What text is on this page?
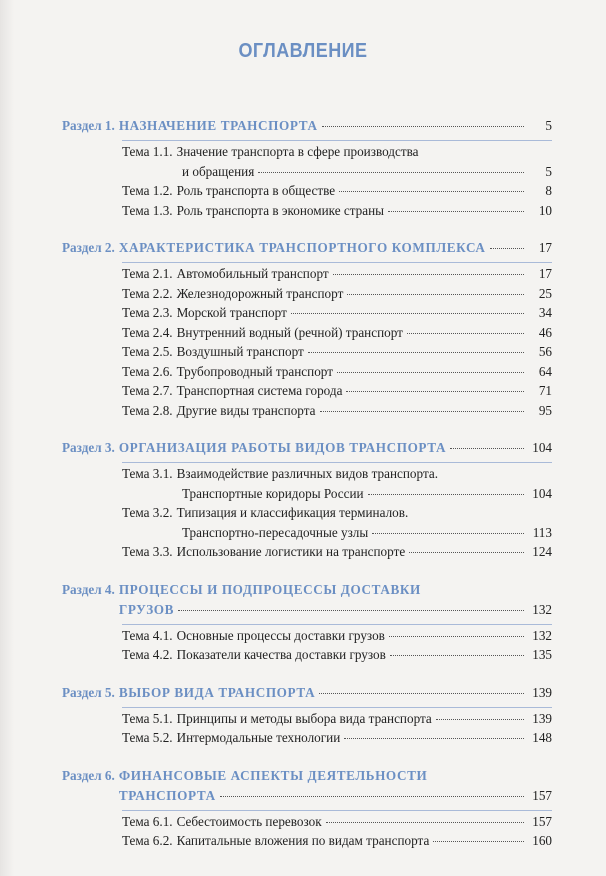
ОГЛАВЛЕНИЕ
Раздел 1. НАЗНАЧЕНИЕ ТРАНСПОРТА	5
Тема 1.1. Значение транспорта в сфере производства
и обращения	5
Тема 1.2. Роль транспорта в обществе	8
Тема 1.3. Роль транспорта в экономике страны	10
Раздел 2. ХАРАКТЕРИСТИКА ТРАНСПОРТНОГО КОМПЛЕКСА	17
Тема 2.1. Автомобильный транспорт	17
Тема 2.2. Железнодорожный транспорт	25
Тема 2.3. Морской транспорт	34
Тема 2.4. Внутренний водный (речной) транспорт	46
Тема 2.5. Воздушный транспорт	56
Тема 2.6. Трубопроводный транспорт	64
Тема 2.7. Транспортная система города	71
Тема 2.8. Другие виды транспорта	95
Раздел 3. ОРГАНИЗАЦИЯ РАБОТЫ ВИДОВ ТРАНСПОРТА	104
Тема 3.1. Взаимодействие различных видов транспорта.
Транспортные коридоры России	104
Тема 3.2. Типизация и классификация терминалов.
Транспортно-пересадочные узлы	113
Тема 3.3. Использование логистики на транспорте	124
Раздел 4. ПРОЦЕССЫ И ПОДПРОЦЕССЫ ДОСТАВКИ
ГРУЗОВ	132
Тема 4.1. Основные процессы доставки грузов	132
Тема 4.2. Показатели качества доставки грузов	135
Раздел 5. ВЫБОР ВИДА ТРАНСПОРТА	139
Тема 5.1. Принципы и методы выбора вида транспорта	139
Тема 5.2. Интермодальные технологии	148
Раздел 6. ФИНАНСОВЫЕ АСПЕКТЫ ДЕЯТЕЛЬНОСТИ
ТРАНСПОРТА	157
Тема 6.1. Себестоимость перевозок	157
Тема 6.2. Капитальные вложения по видам транспорта	160
